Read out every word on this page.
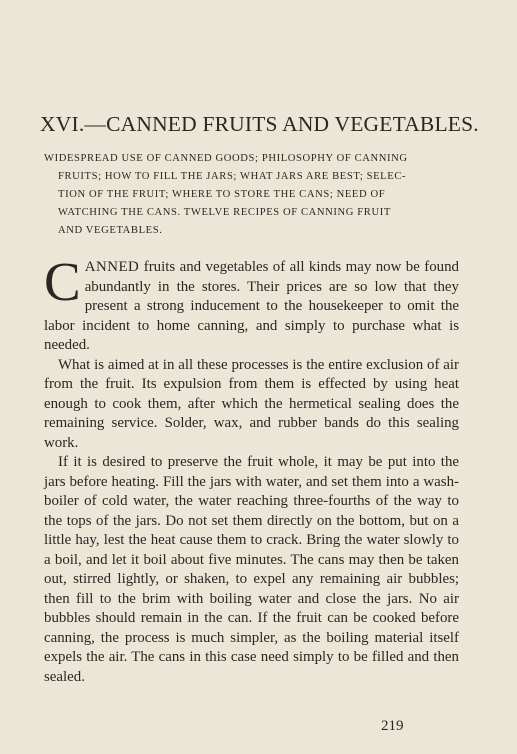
XVI.—CANNED FRUITS AND VEGETABLES.
WIDESPREAD USE OF CANNED GOODS; PHILOSOPHY OF CANNING
FRUITS; HOW TO FILL THE JARS; WHAT JARS ARE BEST; SELEC-
TION OF THE FRUIT; WHERE TO STORE THE CANS; NEED OF
WATCHING THE CANS. TWELVE RECIPES OF CANNING FRUIT
AND VEGETABLES.

CANNED fruits and vegetables of all kinds may now be found abundantly in the stores. Their prices are so low that they present a strong inducement to the housekeeper to omit the labor incident to home canning, and simply to purchase what is needed.

What is aimed at in all these processes is the entire exclusion of air from the fruit. Its expulsion from them is effected by using heat enough to cook them, after which the hermetical sealing does the remaining service. Solder, wax, and rubber bands do this sealing work.

If it is desired to preserve the fruit whole, it may be put into the jars before heating. Fill the jars with water, and set them into a wash-boiler of cold water, the water reaching three-fourths of the way to the tops of the jars. Do not set them directly on the bottom, but on a little hay, lest the heat cause them to crack. Bring the water slowly to a boil, and let it boil about five minutes. The cans may then be taken out, stirred lightly, or shaken, to expel any remaining air bubbles; then fill to the brim with boiling water and close the jars. No air bubbles should remain in the can. If the fruit can be cooked before canning, the process is much simpler, as the boiling material itself expels the air. The cans in this case need simply to be filled and then sealed.

219
